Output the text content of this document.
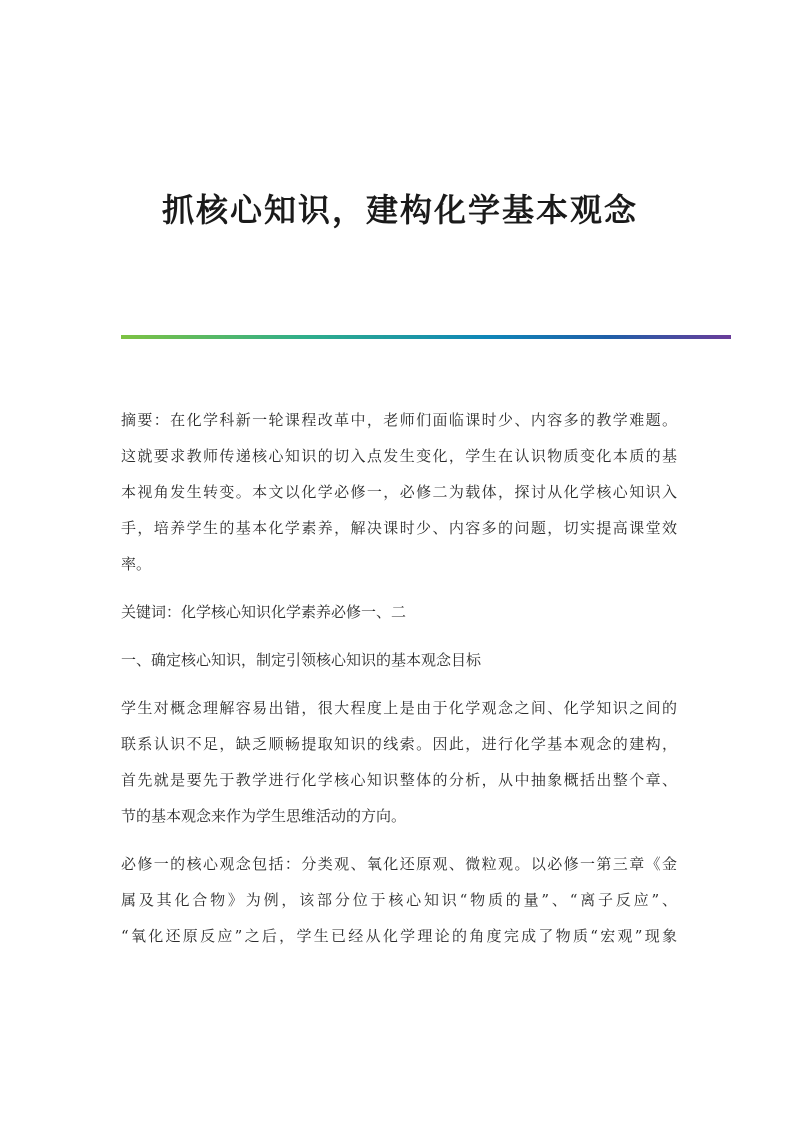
抓核心知识，建构化学基本观念
摘要：在化学科新一轮课程改革中，老师们面临课时少、内容多的教学难题。
这就要求教师传递核心知识的切入点发生变化，学生在认识物质变化本质的基
本视角发生转变。本文以化学必修一，必修二为载体，探讨从化学核心知识入
手，培养学生的基本化学素养，解决课时少、内容多的问题，切实提高课堂效
率。
关键词：化学核心知识化学素养必修一、二
一、确定核心知识，制定引领核心知识的基本观念目标
学生对概念理解容易出错，很大程度上是由于化学观念之间、化学知识之间的
联系认识不足，缺乏顺畅提取知识的线索。因此，进行化学基本观念的建构，
首先就是要先于教学进行化学核心知识整体的分析，从中抽象概括出整个章、
节的基本观念来作为学生思维活动的方向。
必修一的核心观念包括：分类观、氧化还原观、微粒观。以必修一第三章《金
属及其化合物》为例，该部分位于核心知识“物质的量”、“离子反应”、
“氧化还原反应”之后，学生已经从化学理论的角度完成了物质“宏观”现象
